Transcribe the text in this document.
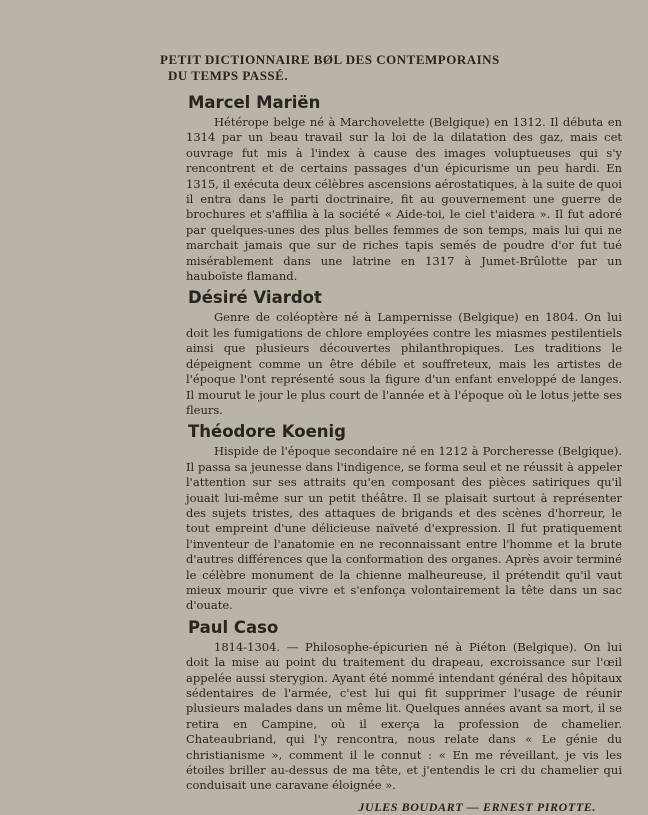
PETIT DICTIONNAIRE BØL DES CONTEMPORAINS
DU TEMPS PASSÉ.
Marcel Mariën

Hétérope belge né à Marchovelette (Belgique) en 1312. Il débuta en 1314 par un beau travail sur la loi de la dilatation des gaz, mais cet ouvrage fut mis à l'index à cause des images voluptueuses qui s'y rencontrent et de certains passages d'un épicurisme un peu hardi. En 1315, il exécuta deux célèbres ascensions aérostatiques, à la suite de quoi il entra dans le parti doctrinaire, fit au gouvernement une guerre de brochures et s'affilia à la société « Aide-toi, le ciel t'aidera ». Il fut adoré par quelques-unes des plus belles femmes de son temps, mais lui qui ne marchait jamais que sur de riches tapis semés de poudre d'or fut tué misérablement dans une latrine en 1317 à Jumet-Brûlotte par un hauboïste flamand.

Désiré Viardot

Genre de coléoptère né à Lampernisse (Belgique) en 1804. On lui doit les fumigations de chlore employées contre les miasmes pestilentiels ainsi que plusieurs découvertes philanthropiques. Les traditions le dépeignent comme un être débile et souffreteux, mais les artistes de l'époque l'ont représenté sous la figure d'un enfant enveloppé de langes. Il mourut le jour le plus court de l'année et à l'époque où le lotus jette ses fleurs.

Théodore Koenig

Hispide de l'époque secondaire né en 1212 à Porcheresse (Belgique). Il passa sa jeunesse dans l'indigence, se forma seul et ne réussit à appeler l'attention sur ses attraits qu'en composant des pièces satiriques qu'il jouait lui-même sur un petit théâtre. Il se plaisait surtout à représenter des sujets tristes, des attaques de brigands et des scènes d'horreur, le tout empreint d'une délicieuse naïveté d'expression. Il fut pratiquement l'inventeur de l'anatomie en ne reconnaissant entre l'homme et la brute d'autres différences que la conformation des organes. Après avoir terminé le célèbre monument de la chienne malheureuse, il prétendit qu'il vaut mieux mourir que vivre et s'enfonça volontairement la tête dans un sac d'ouate.

Paul Caso

1814-1304. — Philosophe-épicurien né à Piéton (Belgique). On lui doit la mise au point du traitement du drapeau, excroissance sur l'œil appelée aussi sterygion. Ayant été nommé intendant général des hôpitaux sédentaires de l'armée, c'est lui qui fit supprimer l'usage de réunir plusieurs malades dans un même lit. Quelques années avant sa mort, il se retira en Campine, où il exerça la profession de chamelier. Chateaubriand, qui l'y rencontra, nous relate dans « Le génie du christianisme », comment il le connut : « En me réveillant, je vis les étoiles briller au-dessus de ma tête, et j'entendis le cri du chamelier qui conduisait une caravane éloignée ».

JULES BOUDART — ERNEST PIROTTE.
